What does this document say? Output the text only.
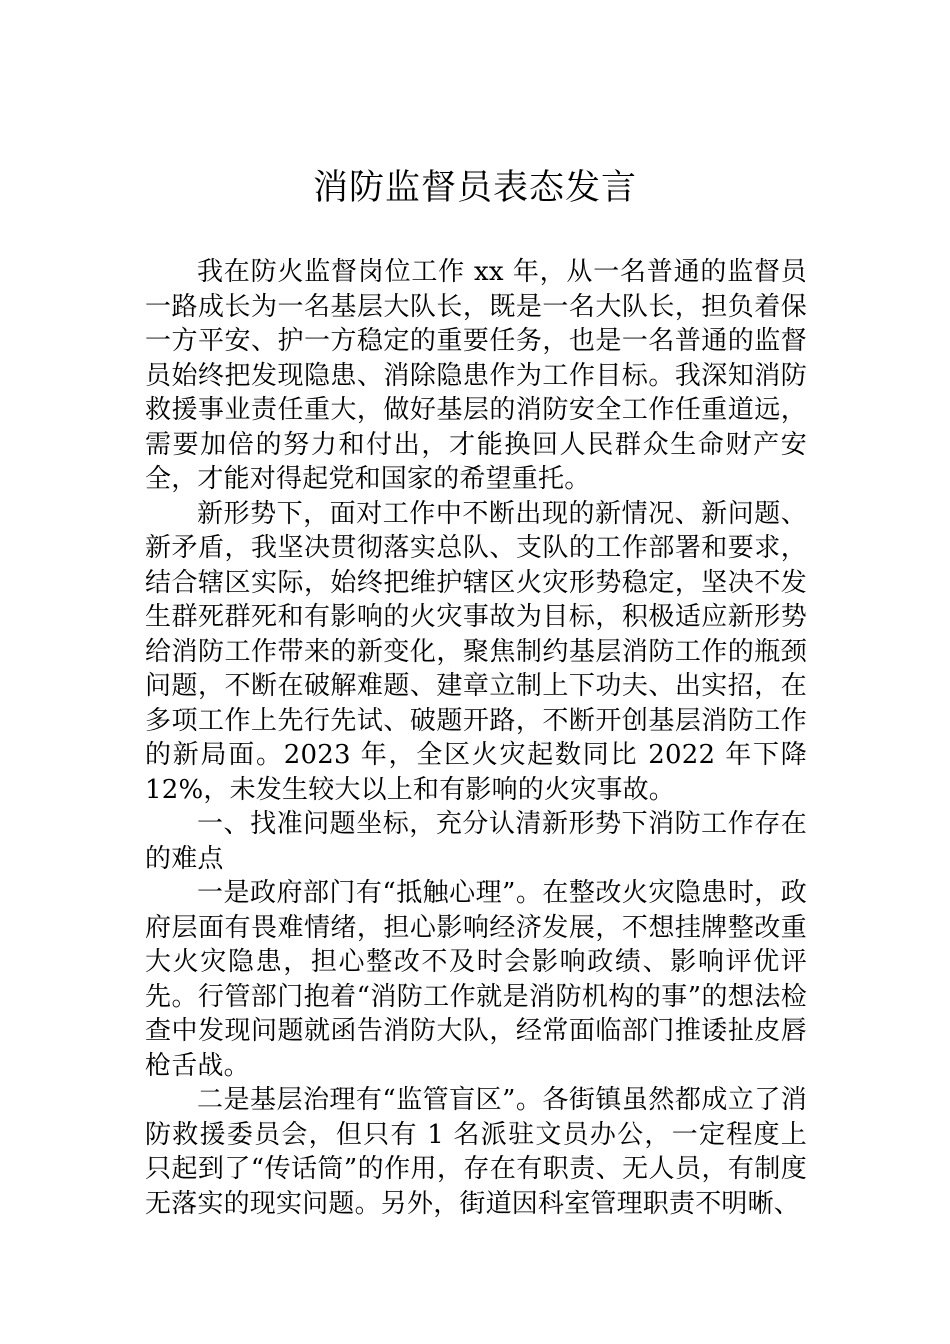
消防监督员表态发言

我在防火监督岗位工作 xx 年，从一名普通的监督员一路成长为一名基层大队长，既是一名大队长，担负着保一方平安、护一方稳定的重要任务，也是一名普通的监督员始终把发现隐患、消除隐患作为工作目标。我深知消防救援事业责任重大，做好基层的消防安全工作任重道远，需要加倍的努力和付出，才能换回人民群众生命财产安全，才能对得起党和国家的希望重托。

新形势下，面对工作中不断出现的新情况、新问题、新矛盾，我坚决贯彻落实总队、支队的工作部署和要求，结合辖区实际，始终把维护辖区火灾形势稳定，坚决不发生群死群死和有影响的火灾事故为目标，积极适应新形势给消防工作带来的新变化，聚焦制约基层消防工作的瓶颈问题，不断在破解难题、建章立制上下功夫、出实招，在多项工作上先行先试、破题开路，不断开创基层消防工作的新局面。2023 年，全区火灾起数同比 2022 年下降 12%，未发生较大以上和有影响的火灾事故。

一、找准问题坐标，充分认清新形势下消防工作存在的难点

一是政府部门有“抵触心理”。在整改火灾隐患时，政府层面有畏难情绪，担心影响经济发展，不想挂牌整改重大火灾隐患，担心整改不及时会影响政绩、影响评优评先。行管部门抱着“消防工作就是消防机构的事”的想法检查中发现问题就函告消防大队，经常面临部门推诿扯皮唇枪舌战。

二是基层治理有“监管盲区”。各街镇虽然都成立了消防救援委员会，但只有 1 名派驻文员办公，一定程度上只起到了“传话筒”的作用，存在有职责、无人员，有制度无落实的现实问题。另外，街道因科室管理职责不明晰、
